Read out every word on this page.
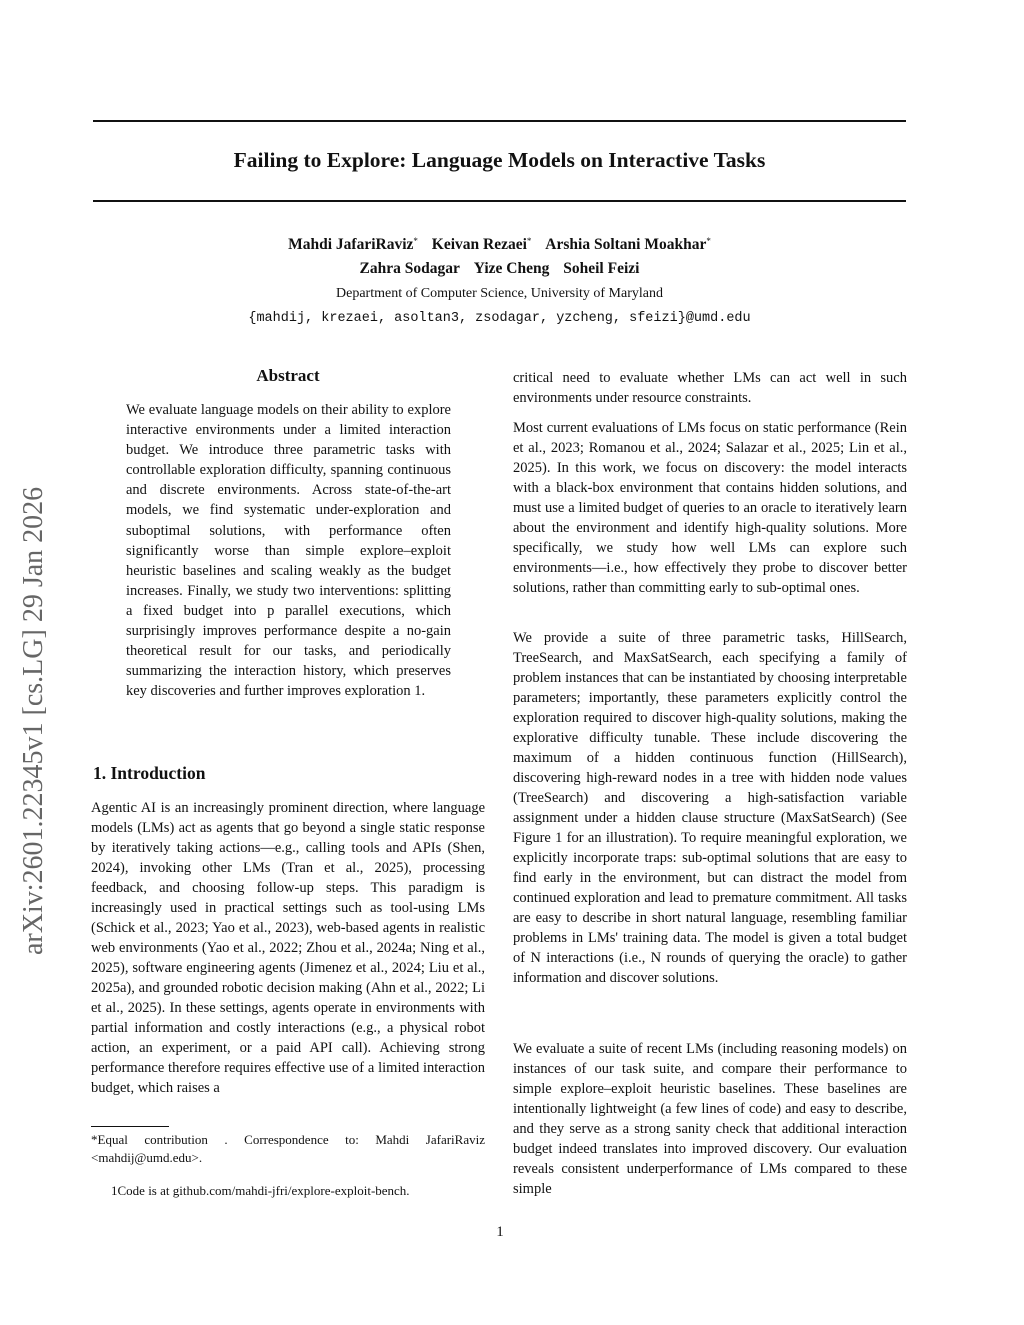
Failing to Explore: Language Models on Interactive Tasks
Mahdi JafariRaviz* Keivan Rezaei* Arshia Soltani Moakhar*
Zahra Sodagar Yize Cheng Soheil Feizi
Department of Computer Science, University of Maryland
{mahdij, krezaei, asoltan3, zsodagar, yzcheng, sfeizi}@umd.edu
arXiv:2601.22345v1 [cs.LG] 29 Jan 2026
Abstract

We evaluate language models on their ability to explore interactive environments under a limited interaction budget. We introduce three parametric tasks with controllable exploration difficulty, spanning continuous and discrete environments. Across state-of-the-art models, we find systematic under-exploration and suboptimal solutions, with performance often significantly worse than simple explore–exploit heuristic baselines and scaling weakly as the budget increases. Finally, we study two interventions: splitting a fixed budget into p parallel executions, which surprisingly improves performance despite a no-gain theoretical result for our tasks, and periodically summarizing the interaction history, which preserves key discoveries and further improves exploration 1.

1. Introduction

Agentic AI is an increasingly prominent direction, where language models (LMs) act as agents that go beyond a single static response by iteratively taking actions—e.g., calling tools and APIs (Shen, 2024), invoking other LMs (Tran et al., 2025), processing feedback, and choosing follow-up steps. This paradigm is increasingly used in practical settings such as tool-using LMs (Schick et al., 2023; Yao et al., 2023), web-based agents in realistic web environments (Yao et al., 2022; Zhou et al., 2024a; Ning et al., 2025), software engineering agents (Jimenez et al., 2024; Liu et al., 2025a), and grounded robotic decision making (Ahn et al., 2022; Li et al., 2025). In these settings, agents operate in environments with partial information and costly interactions (e.g., a physical robot action, an experiment, or a paid API call). Achieving strong performance therefore requires effective use of a limited interaction budget, which raises a

*Equal contribution . Correspondence to: Mahdi JafariRaviz <mahdij@umd.edu>.
1Code is at github.com/mahdi-jfri/explore-exploit-bench.

critical need to evaluate whether LMs can act well in such environments under resource constraints.

Most current evaluations of LMs focus on static performance (Rein et al., 2023; Romanou et al., 2024; Salazar et al., 2025; Lin et al., 2025). In this work, we focus on discovery: the model interacts with a black-box environment that contains hidden solutions, and must use a limited budget of queries to an oracle to iteratively learn about the environment and identify high-quality solutions. More specifically, we study how well LMs can explore such environments—i.e., how effectively they probe to discover better solutions, rather than committing early to sub-optimal ones.

We provide a suite of three parametric tasks, HillSearch, TreeSearch, and MaxSatSearch, each specifying a family of problem instances that can be instantiated by choosing interpretable parameters; importantly, these parameters explicitly control the exploration required to discover high-quality solutions, making the explorative difficulty tunable. These include discovering the maximum of a hidden continuous function (HillSearch), discovering high-reward nodes in a tree with hidden node values (TreeSearch) and discovering a high-satisfaction variable assignment under a hidden clause structure (MaxSatSearch) (See Figure 1 for an illustration). To require meaningful exploration, we explicitly incorporate traps: sub-optimal solutions that are easy to find early in the environment, but can distract the model from continued exploration and lead to premature commitment. All tasks are easy to describe in short natural language, resembling familiar problems in LMs' training data. The model is given a total budget of N interactions (i.e., N rounds of querying the oracle) to gather information and discover solutions.

We evaluate a suite of recent LMs (including reasoning models) on instances of our task suite, and compare their performance to simple explore–exploit heuristic baselines. These baselines are intentionally lightweight (a few lines of code) and easy to describe, and they serve as a strong sanity check that additional interaction budget indeed translates into improved discovery. Our evaluation reveals consistent underperformance of LMs compared to these simple

1
